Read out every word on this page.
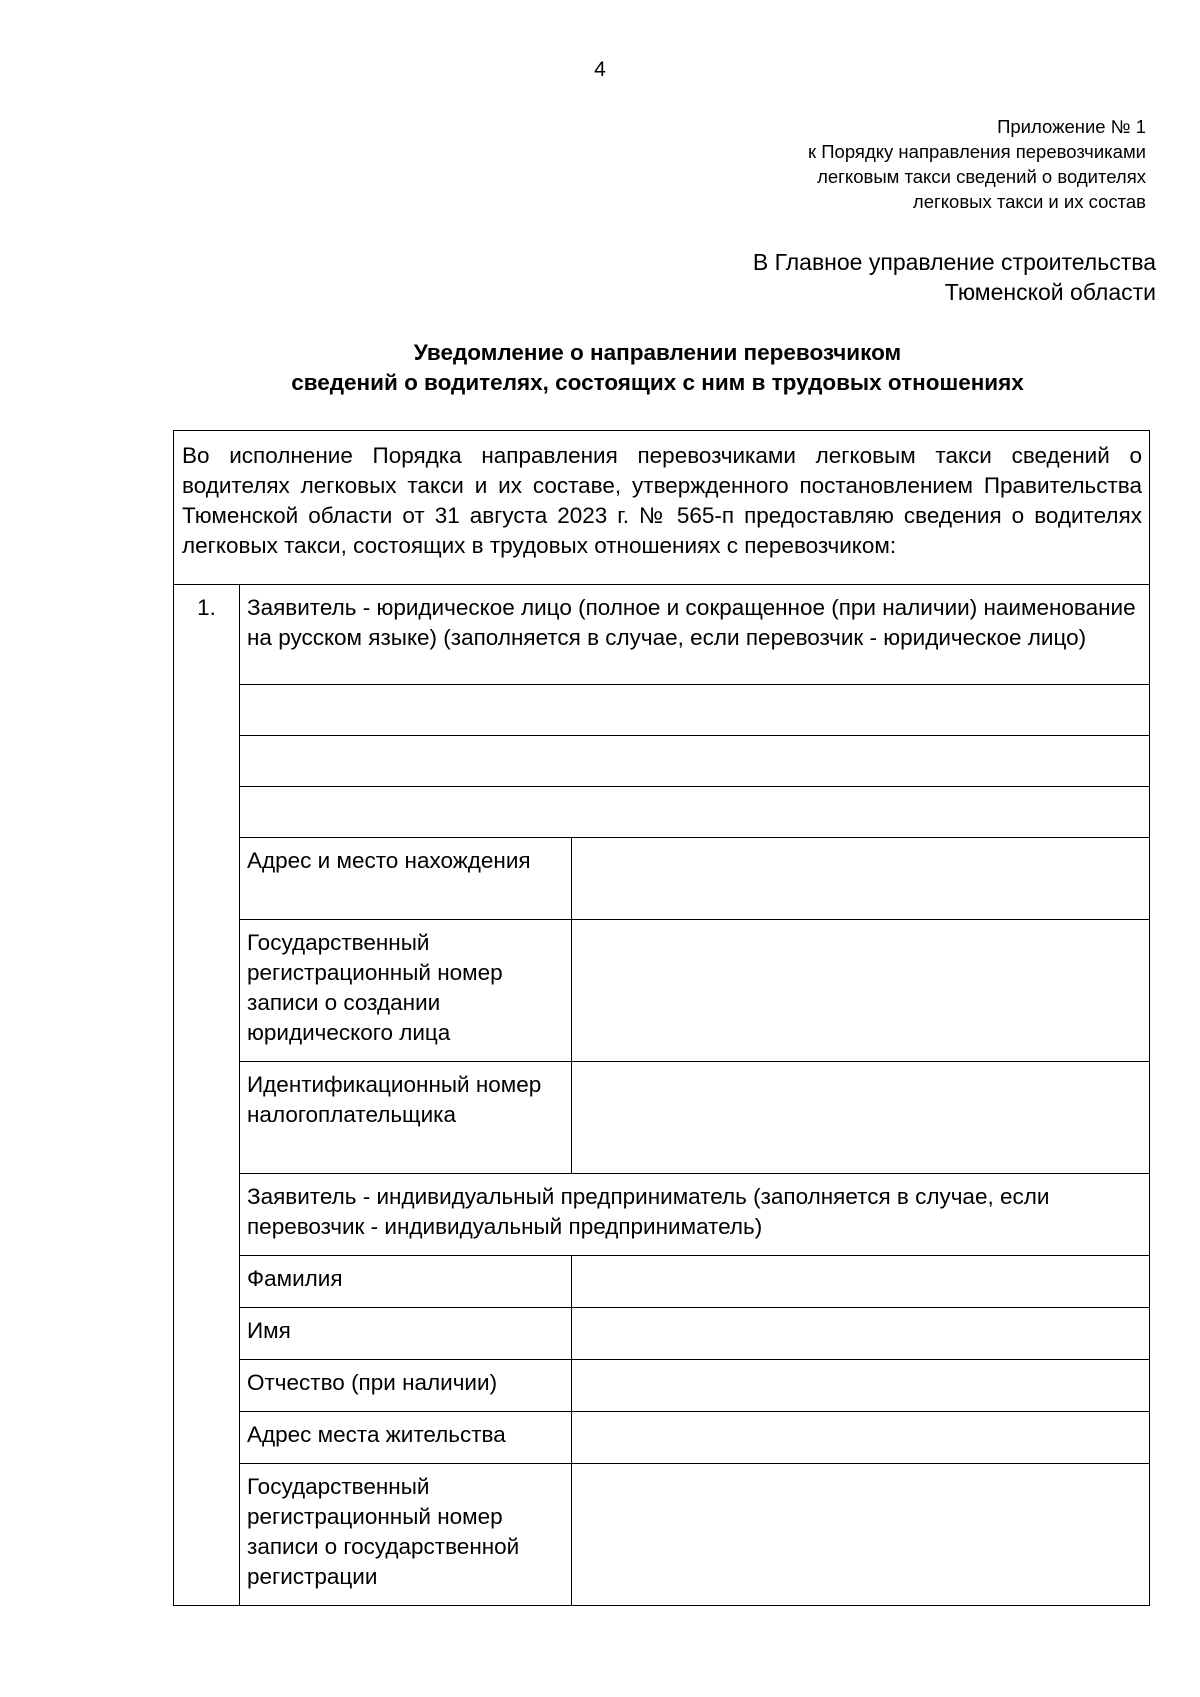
4
Приложение № 1
к Порядку направления перевозчиками
легковым такси сведений о водителях
легковых такси и их состав
В Главное управление строительства
Тюменской области
Уведомление о направлении перевозчиком
сведений о водителях, состоящих с ним в трудовых отношениях
Во исполнение Порядка направления перевозчиками легковым такси сведений о водителях легковых такси и их составе, утвержденного постановлением Правительства Тюменской области от 31 августа 2023 г. № 565-п предоставляю сведения о водителях легковых такси, состоящих в трудовых отношениях с перевозчиком:		
1.	Заявитель - юридическое лицо (полное и сокращенное (при наличии) наименование на русском языке) (заполняется в случае, если перевозчик - юридическое лицо)	

	Адрес и место нахождения	
	Государственный регистрационный номер записи о создании юридического лица	
	Идентификационный номер налогоплательщика	
	Заявитель - индивидуальный предприниматель (заполняется в случае, если перевозчик - индивидуальный предприниматель)	
	Фамилия	
	Имя	
	Отчество (при наличии)	
	Адрес места жительства	
	Государственный регистрационный номер записи о государственной регистрации	
